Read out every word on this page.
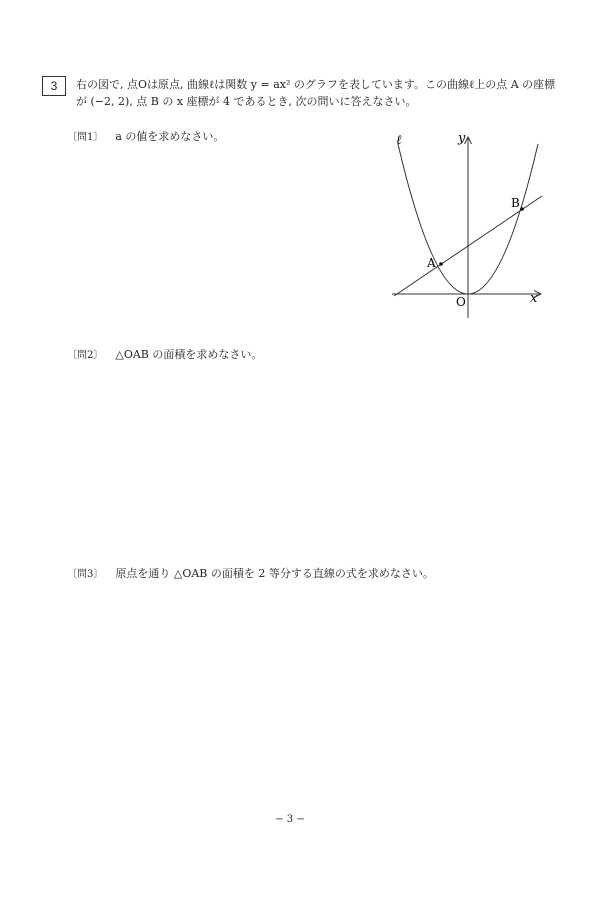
3	右の図で, 点Oは原点, 曲線ℓは関数 y = ax² のグラフを表しています。この曲線ℓ上の点 A の座標
が (−2, 2), 点 B の x 座標が 4 であるとき, 次の問いに答えなさい。
〔問1〕 a の値を求めなさい。	ℓ	y
x
O
A
B
〔問2〕 △OAB の面積を求めなさい。
〔問3〕 原点を通り △OAB の面積を 2 等分する直線の式を求めなさい。
− 3 −
